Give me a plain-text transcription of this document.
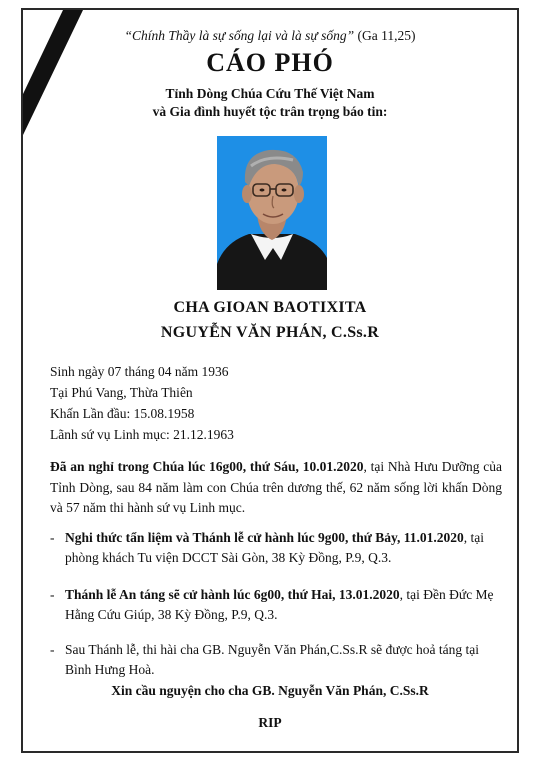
“Chính Thầy là sự sống lại và là sự sống” (Ga 11,25)
CÁO PHÓ
Tỉnh Dòng Chúa Cứu Thế Việt Nam
và Gia đình huyết tộc trân trọng báo tin:
CHA GIOAN BAOTIXITA
NGUYỄN VĂN PHÁN, C.Ss.R
Sinh ngày 07 tháng 04 năm 1936
Tại Phú Vang, Thừa Thiên
Khấn Lần đầu: 15.08.1958
Lãnh sứ vụ Linh mục: 21.12.1963
Đã an nghỉ trong Chúa lúc 16g00, thứ Sáu, 10.01.2020, tại Nhà Hưu Dưỡng của Tỉnh Dòng, sau 84 năm làm con Chúa trên dương thế, 62 năm sống lời khấn Dòng và 57 năm thi hành sứ vụ Linh mục.
- Nghi thức tẩn liệm và Thánh lễ cử hành lúc 9g00, thứ Bảy, 11.01.2020, tại phòng khách Tu viện DCCT Sài Gòn, 38 Kỳ Đồng, P.9, Q.3.
- Thánh lễ An táng sẽ cử hành lúc 6g00, thứ Hai, 13.01.2020, tại Đền Đức Mẹ Hằng Cứu Giúp, 38 Kỳ Đồng, P.9, Q.3.
- Sau Thánh lễ, thi hài cha GB. Nguyễn Văn Phán,C.Ss.R sẽ được hoả táng tại Bình Hưng Hoà.
Xin cầu nguyện cho cha GB. Nguyễn Văn Phán, C.Ss.R
RIP
